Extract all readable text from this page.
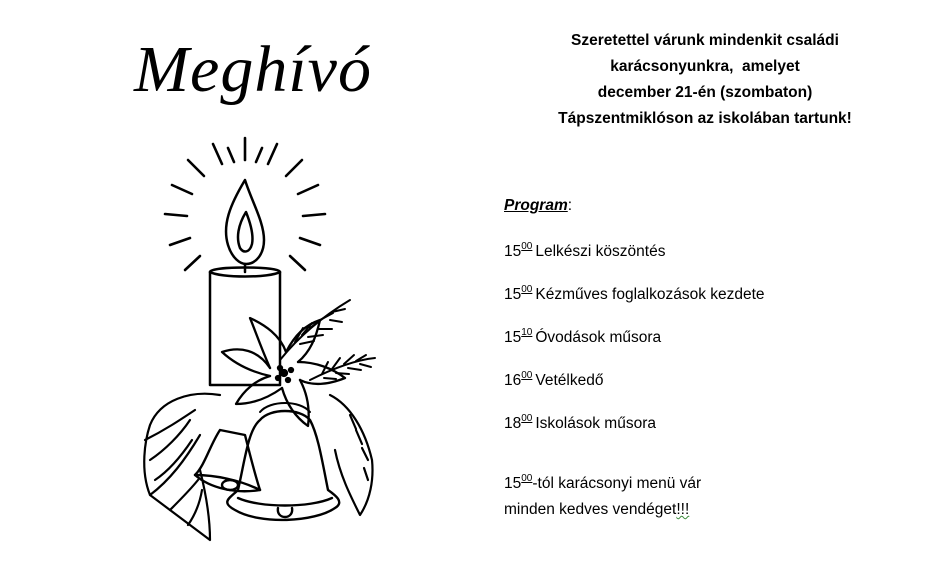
Meghívó	Szeretettel várunk mindenkit családi
karácsonyunkra,  amelyet
december 21-én (szombaton)
Tápszentmiklóson az iskolában tartunk!
Program:
$15^{00}$ Lelkészi köszöntés
$15^{00}$ Kézműves foglalkozások kezdete
$15^{10}$ Óvodások műsora
$16^{00}$ Vetélkedő
$18^{00}$ Iskolások műsora
$15^{00}$-tól karácsonyi menü vár
minden kedves vendéget!!!
